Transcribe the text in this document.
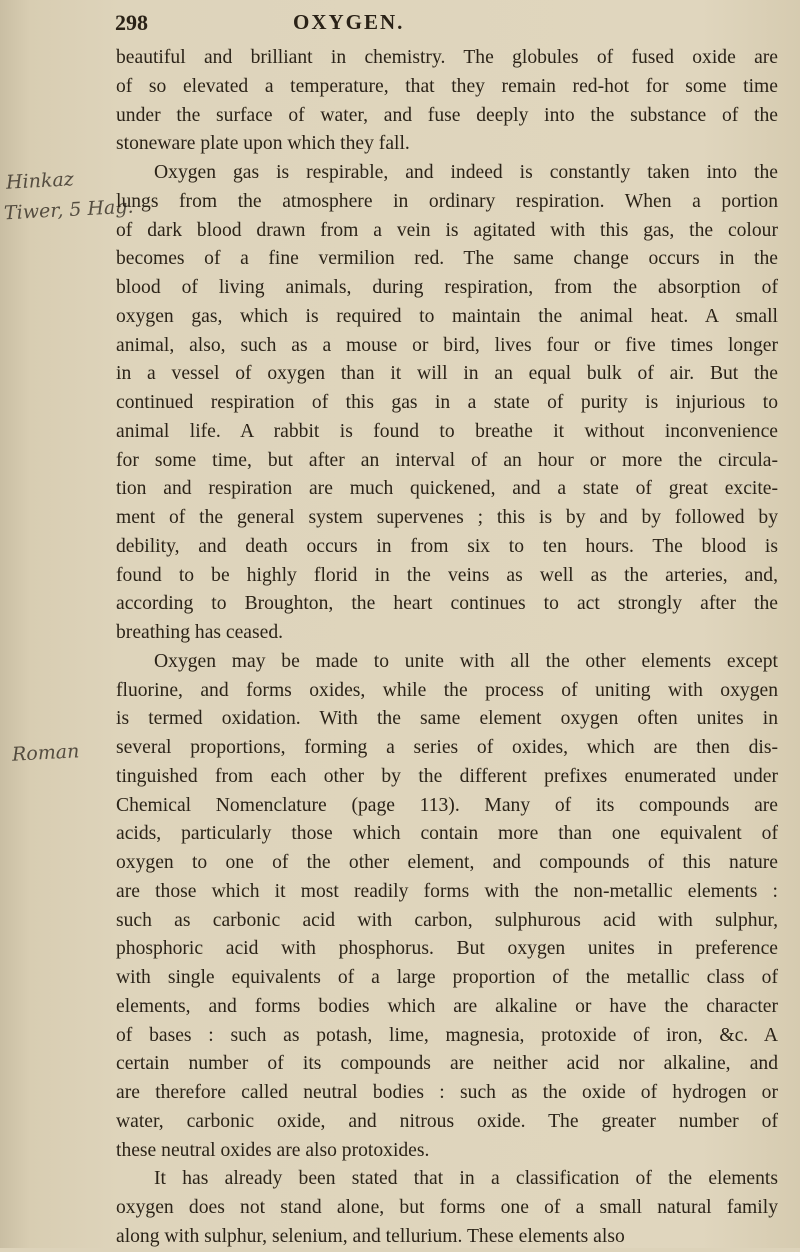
298	OXYGEN.
Hinkaz
Tiwer, 5 Hag.
Roman

beautiful and brilliant in chemistry. The globules of fused oxide are
of so elevated a temperature, that they remain red-hot for some time
under the surface of water, and fuse deeply into the substance of the
stoneware plate upon which they fall.

Oxygen gas is respirable, and indeed is constantly taken into the
lungs from the atmosphere in ordinary respiration. When a portion
of dark blood drawn from a vein is agitated with this gas, the colour
becomes of a fine vermilion red. The same change occurs in the
blood of living animals, during respiration, from the absorption of
oxygen gas, which is required to maintain the animal heat. A small
animal, also, such as a mouse or bird, lives four or five times longer
in a vessel of oxygen than it will in an equal bulk of air. But the
continued respiration of this gas in a state of purity is injurious to
animal life. A rabbit is found to breathe it without inconvenience
for some time, but after an interval of an hour or more the circula-
tion and respiration are much quickened, and a state of great excite-
ment of the general system supervenes ; this is by and by followed by
debility, and death occurs in from six to ten hours. The blood is
found to be highly florid in the veins as well as the arteries, and,
according to Broughton, the heart continues to act strongly after the
breathing has ceased.

Oxygen may be made to unite with all the other elements except
fluorine, and forms oxides, while the process of uniting with oxygen
is termed oxidation. With the same element oxygen often unites in
several proportions, forming a series of oxides, which are then dis-
tinguished from each other by the different prefixes enumerated under
Chemical Nomenclature (page 113). Many of its compounds are
acids, particularly those which contain more than one equivalent of
oxygen to one of the other element, and compounds of this nature
are those which it most readily forms with the non-metallic elements :
such as carbonic acid with carbon, sulphurous acid with sulphur,
phosphoric acid with phosphorus. But oxygen unites in preference
with single equivalents of a large proportion of the metallic class of
elements, and forms bodies which are alkaline or have the character
of bases : such as potash, lime, magnesia, protoxide of iron, &c. A
certain number of its compounds are neither acid nor alkaline, and
are therefore called neutral bodies : such as the oxide of hydrogen or
water, carbonic oxide, and nitrous oxide. The greater number of
these neutral oxides are also protoxides.

It has already been stated that in a classification of the elements
oxygen does not stand alone, but forms one of a small natural family
along with sulphur, selenium, and tellurium. These elements also
